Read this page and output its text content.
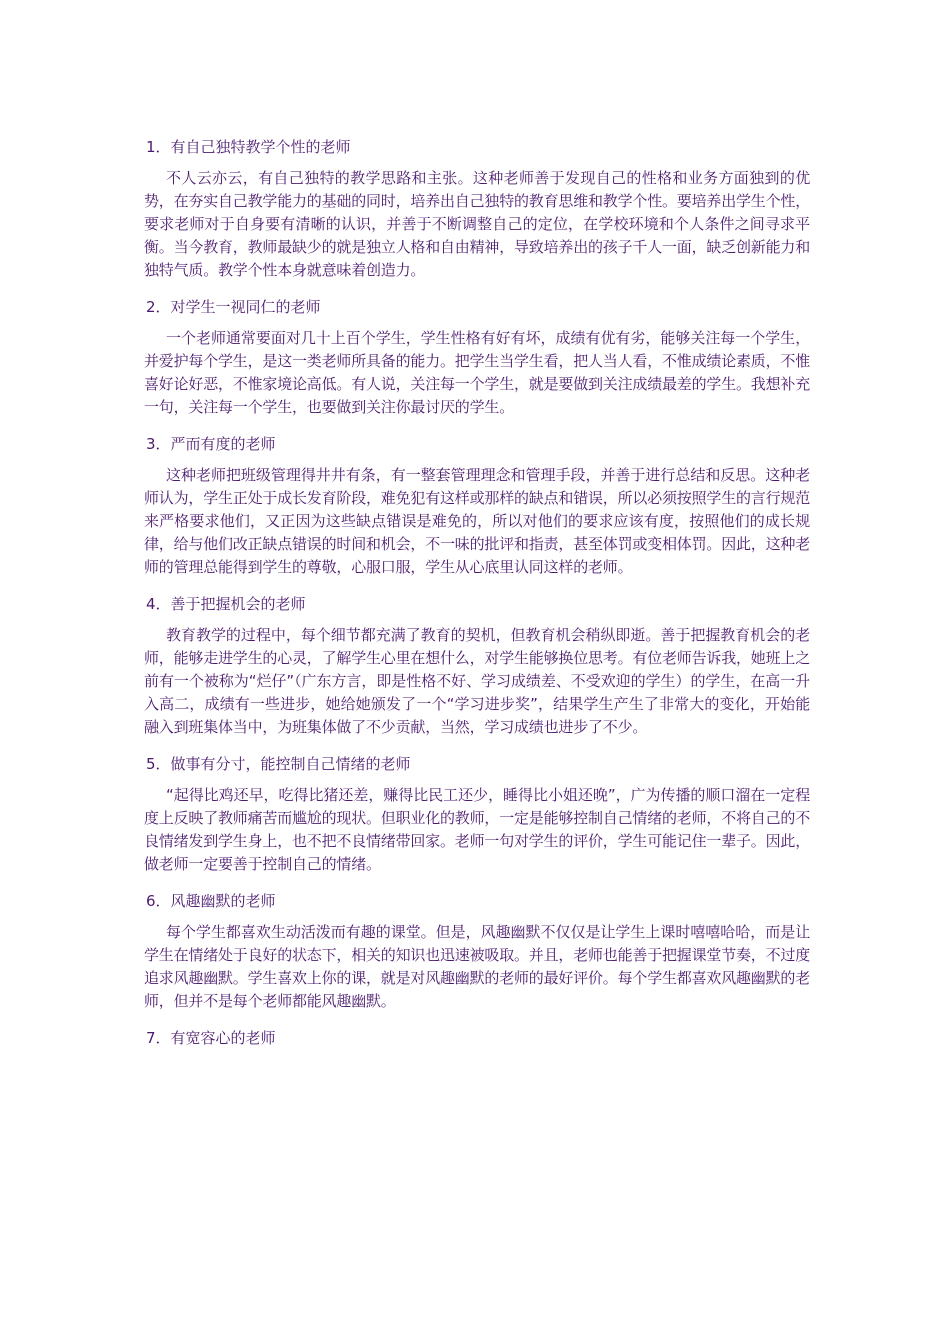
1．有自己独特教学个性的老师

不人云亦云，有自己独特的教学思路和主张。这种老师善于发现自己的性格和业务方面独到的优势，在夯实自己教学能力的基础的同时，培养出自己独特的教育思维和教学个性。要培养出学生个性，要求老师对于自身要有清晰的认识，并善于不断调整自己的定位，在学校环境和个人条件之间寻求平衡。当今教育，教师最缺少的就是独立人格和自由精神，导致培养出的孩子千人一面，缺乏创新能力和独特气质。教学个性本身就意味着创造力。

2．对学生一视同仁的老师

一个老师通常要面对几十上百个学生，学生性格有好有坏，成绩有优有劣，能够关注每一个学生，并爱护每个学生，是这一类老师所具备的能力。把学生当学生看，把人当人看，不惟成绩论素质，不惟喜好论好恶，不惟家境论高低。有人说，关注每一个学生，就是要做到关注成绩最差的学生。我想补充一句，关注每一个学生，也要做到关注你最讨厌的学生。

3．严而有度的老师

这种老师把班级管理得井井有条，有一整套管理理念和管理手段，并善于进行总结和反思。这种老师认为，学生正处于成长发育阶段，难免犯有这样或那样的缺点和错误，所以必须按照学生的言行规范来严格要求他们，又正因为这些缺点错误是难免的，所以对他们的要求应该有度，按照他们的成长规律，给与他们改正缺点错误的时间和机会，不一味的批评和指责，甚至体罚或变相体罚。因此，这种老师的管理总能得到学生的尊敬，心服口服，学生从心底里认同这样的老师。

4．善于把握机会的老师

教育教学的过程中，每个细节都充满了教育的契机，但教育机会稍纵即逝。善于把握教育机会的老师，能够走进学生的心灵，了解学生心里在想什么，对学生能够换位思考。有位老师告诉我，她班上之前有一个被称为“烂仔”（广东方言，即是性格不好、学习成绩差、不受欢迎的学生）的学生，在高一升入高二，成绩有一些进步，她给她颁发了一个“学习进步奖”，结果学生产生了非常大的变化，开始能融入到班集体当中，为班集体做了不少贡献，当然，学习成绩也进步了不少。

5．做事有分寸，能控制自己情绪的老师

“起得比鸡还早，吃得比猪还差，赚得比民工还少，睡得比小姐还晚”，广为传播的顺口溜在一定程度上反映了教师痛苦而尴尬的现状。但职业化的教师，一定是能够控制自己情绪的老师，不将自己的不良情绪发到学生身上，也不把不良情绪带回家。老师一句对学生的评价，学生可能记住一辈子。因此，做老师一定要善于控制自己的情绪。

6．风趣幽默的老师

每个学生都喜欢生动活泼而有趣的课堂。但是，风趣幽默不仅仅是让学生上课时嘻嘻哈哈，而是让学生在情绪处于良好的状态下，相关的知识也迅速被吸取。并且，老师也能善于把握课堂节奏，不过度追求风趣幽默。学生喜欢上你的课，就是对风趣幽默的老师的最好评价。每个学生都喜欢风趣幽默的老师，但并不是每个老师都能风趣幽默。

7．有宽容心的老师
